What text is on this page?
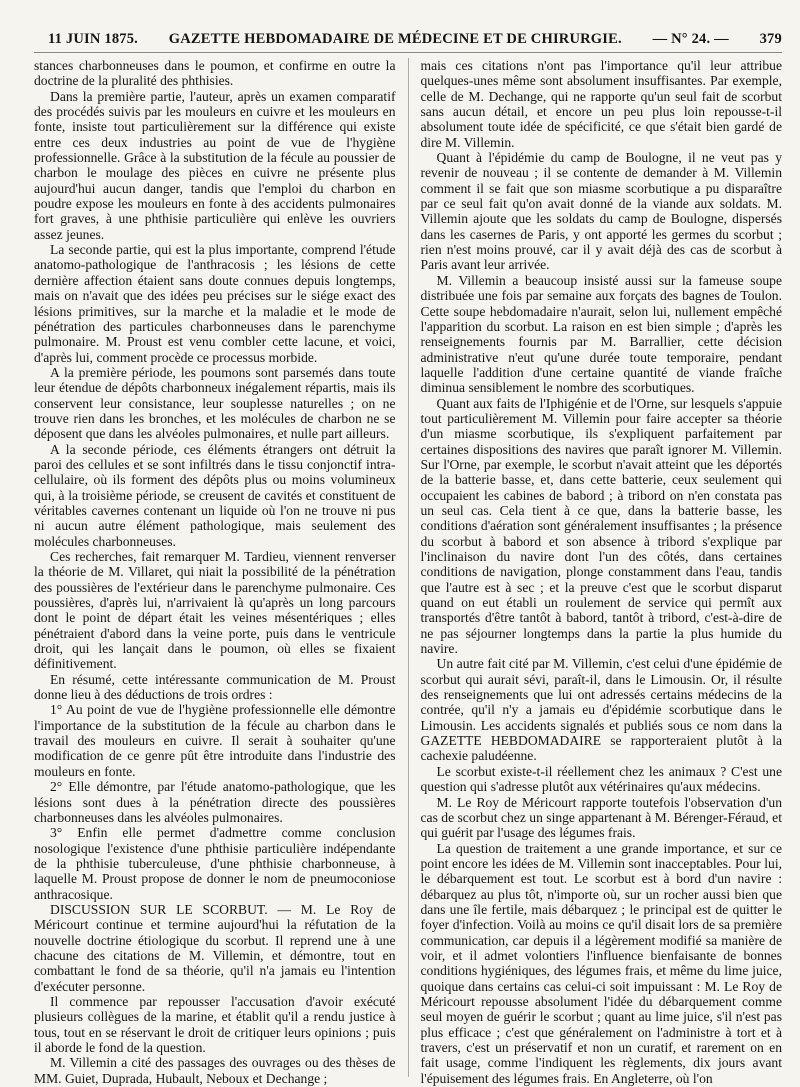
11 JUIN 1875. GAZETTE HEBDOMADAIRE DE MÉDECINE ET DE CHIRURGIE. — N° 24. — 379

stances charbonneuses dans le poumon, et confirme en outre la doctrine de la pluralité des phthisies.

Dans la première partie, l'auteur, après un examen comparatif des procédés suivis par les mouleurs en cuivre et les mouleurs en fonte, insiste tout particulièrement sur la différence qui existe entre ces deux industries au point de vue de l'hygiène professionnelle. Grâce à la substitution de la fécule au poussier de charbon le moulage des pièces en cuivre ne présente plus aujourd'hui aucun danger, tandis que l'emploi du charbon en poudre expose les mouleurs en fonte à des accidents pulmonaires fort graves, à une phthisie particulière qui enlève les ouvriers assez jeunes.

La seconde partie, qui est la plus importante, comprend l'étude anatomo-pathologique de l'anthracosis ; les lésions de cette dernière affection étaient sans doute connues depuis longtemps, mais on n'avait que des idées peu précises sur le siége exact des lésions primitives, sur la marche et la maladie et le mode de pénétration des particules charbonneuses dans le parenchyme pulmonaire. M. Proust est venu combler cette lacune, et voici, d'après lui, comment procède ce processus morbide.

A la première période, les poumons sont parsemés dans toute leur étendue de dépôts charbonneux inégalement répartis, mais ils conservent leur consistance, leur souplesse naturelles ; on ne trouve rien dans les bronches, et les molécules de charbon ne se déposent que dans les alvéoles pulmonaires, et nulle part ailleurs.

A la seconde période, ces éléments étrangers ont détruit la paroi des cellules et se sont infiltrés dans le tissu conjonctif intra-cellulaire, où ils forment des dépôts plus ou moins volumineux qui, à la troisième période, se creusent de cavités et constituent de véritables cavernes contenant un liquide où l'on ne trouve ni pus ni aucun autre élément pathologique, mais seulement des molécules charbonneuses.

Ces recherches, fait remarquer M. Tardieu, viennent renverser la théorie de M. Villaret, qui niait la possibilité de la pénétration des poussières de l'extérieur dans le parenchyme pulmonaire. Ces poussières, d'après lui, n'arrivaient là qu'après un long parcours dont le point de départ était les veines mésentériques ; elles pénétraient d'abord dans la veine porte, puis dans le ventricule droit, qui les lançait dans le poumon, où elles se fixaient définitivement.

En résumé, cette intéressante communication de M. Proust donne lieu à des déductions de trois ordres :

1° Au point de vue de l'hygiène professionnelle elle démontre l'importance de la substitution de la fécule au charbon dans le travail des mouleurs en cuivre. Il serait à souhaiter qu'une modification de ce genre pût être introduite dans l'industrie des mouleurs en fonte.

2° Elle démontre, par l'étude anatomo-pathologique, que les lésions sont dues à la pénétration directe des poussières charbonneuses dans les alvéoles pulmonaires.

3° Enfin elle permet d'admettre comme conclusion nosologique l'existence d'une phthisie particulière indépendante de la phthisie tuberculeuse, d'une phthisie charbonneuse, à laquelle M. Proust propose de donner le nom de pneumoconiose anthracosique.

DISCUSSION SUR LE SCORBUT. — M. Le Roy de Méricourt continue et termine aujourd'hui la réfutation de la nouvelle doctrine étiologique du scorbut. Il reprend une à une chacune des citations de M. Villemin, et démontre, tout en combattant le fond de sa théorie, qu'il n'a jamais eu l'intention d'exécuter personne.

Il commence par repousser l'accusation d'avoir exécuté plusieurs collègues de la marine, et établit qu'il a rendu justice à tous, tout en se réservant le droit de critiquer leurs opinions ; puis il aborde le fond de la question.

M. Villemin a cité des passages des ouvrages ou des thèses de MM. Guiet, Duprada, Hubault, Neboux et Dechange ;

mais ces citations n'ont pas l'importance qu'il leur attribue quelques-unes même sont absolument insuffisantes. Par exemple, celle de M. Dechange, qui ne rapporte qu'un seul fait de scorbut sans aucun détail, et encore un peu plus loin repousse-t-il absolument toute idée de spécificité, ce que s'était bien gardé de dire M. Villemin.

Quant à l'épidémie du camp de Boulogne, il ne veut pas y revenir de nouveau ; il se contente de demander à M. Villemin comment il se fait que son miasme scorbutique a pu disparaître par ce seul fait qu'on avait donné de la viande aux soldats. M. Villemin ajoute que les soldats du camp de Boulogne, dispersés dans les casernes de Paris, y ont apporté les germes du scorbut ; rien n'est moins prouvé, car il y avait déjà des cas de scorbut à Paris avant leur arrivée.

M. Villemin a beaucoup insisté aussi sur la fameuse soupe distribuée une fois par semaine aux forçats des bagnes de Toulon. Cette soupe hebdomadaire n'aurait, selon lui, nullement empêché l'apparition du scorbut. La raison en est bien simple ; d'après les renseignements fournis par M. Barrallier, cette décision administrative n'eut qu'une durée toute temporaire, pendant laquelle l'addition d'une certaine quantité de viande fraîche diminua sensiblement le nombre des scorbutiques.

Quant aux faits de l'Iphigénie et de l'Orne, sur lesquels s'appuie tout particulièrement M. Villemin pour faire accepter sa théorie d'un miasme scorbutique, ils s'expliquent parfaitement par certaines dispositions des navires que paraît ignorer M. Villemin. Sur l'Orne, par exemple, le scorbut n'avait atteint que les déportés de la batterie basse, et, dans cette batterie, ceux seulement qui occupaient les cabines de babord ; à tribord on n'en constata pas un seul cas. Cela tient à ce que, dans la batterie basse, les conditions d'aération sont généralement insuffisantes ; la présence du scorbut à babord et son absence à tribord s'explique par l'inclinaison du navire dont l'un des côtés, dans certaines conditions de navigation, plonge constamment dans l'eau, tandis que l'autre est à sec ; et la preuve c'est que le scorbut disparut quand on eut établi un roulement de service qui permît aux transportés d'être tantôt à babord, tantôt à tribord, c'est-à-dire de ne pas séjourner longtemps dans la partie la plus humide du navire.

Un autre fait cité par M. Villemin, c'est celui d'une épidémie de scorbut qui aurait sévi, paraît-il, dans le Limousin. Or, il résulte des renseignements que lui ont adressés certains médecins de la contrée, qu'il n'y a jamais eu d'épidémie scorbutique dans le Limousin. Les accidents signalés et publiés sous ce nom dans la GAZETTE HEBDOMADAIRE se rapporteraient plutôt à la cachexie paludéenne.

Le scorbut existe-t-il réellement chez les animaux ? C'est une question qui s'adresse plutôt aux vétérinaires qu'aux médecins.

M. Le Roy de Méricourt rapporte toutefois l'observation d'un cas de scorbut chez un singe appartenant à M. Bérenger-Féraud, et qui guérit par l'usage des légumes frais.

La question de traitement a une grande importance, et sur ce point encore les idées de M. Villemin sont inacceptables. Pour lui, le débarquement est tout. Le scorbut est à bord d'un navire : débarquez au plus tôt, n'importe où, sur un rocher aussi bien que dans une île fertile, mais débarquez ; le principal est de quitter le foyer d'infection. Voilà au moins ce qu'il disait lors de sa première communication, car depuis il a légèrement modifié sa manière de voir, et il admet volontiers l'influence bienfaisante de bonnes conditions hygiéniques, des légumes frais, et même du lime juice, quoique dans certains cas celui-ci soit impuissant : M. Le Roy de Méricourt repousse absolument l'idée du débarquement comme seul moyen de guérir le scorbut ; quant au lime juice, s'il n'est pas plus efficace ; c'est que généralement on l'administre à tort et à travers, c'est un préservatif et non un curatif, et rarement on en fait usage, comme l'indiquent les règlements, dix jours avant l'épuisement des légumes frais. En Angleterre, où l'on
